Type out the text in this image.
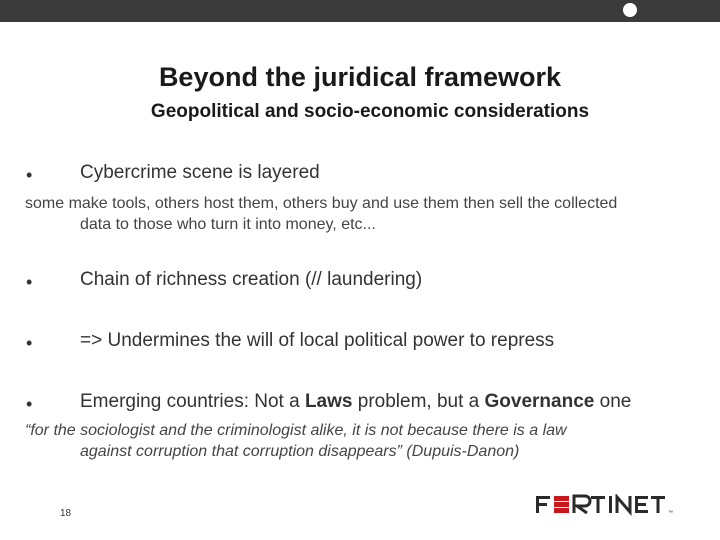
Beyond the juridical framework
Geopolitical and socio-economic considerations
•	Cybercrime scene is layered
some make tools, others host them, others buy and use them then sell the collected
data to those who turn it into money, etc...
•	Chain of richness creation (// laundering)
•	=> Undermines the will of local political power to repress
•	Emerging countries: Not a Laws problem, but a Governance one
“for the sociologist and the criminologist alike, it is not because there is a law
against corruption that corruption disappears” (Dupuis-Danon)
18	™
